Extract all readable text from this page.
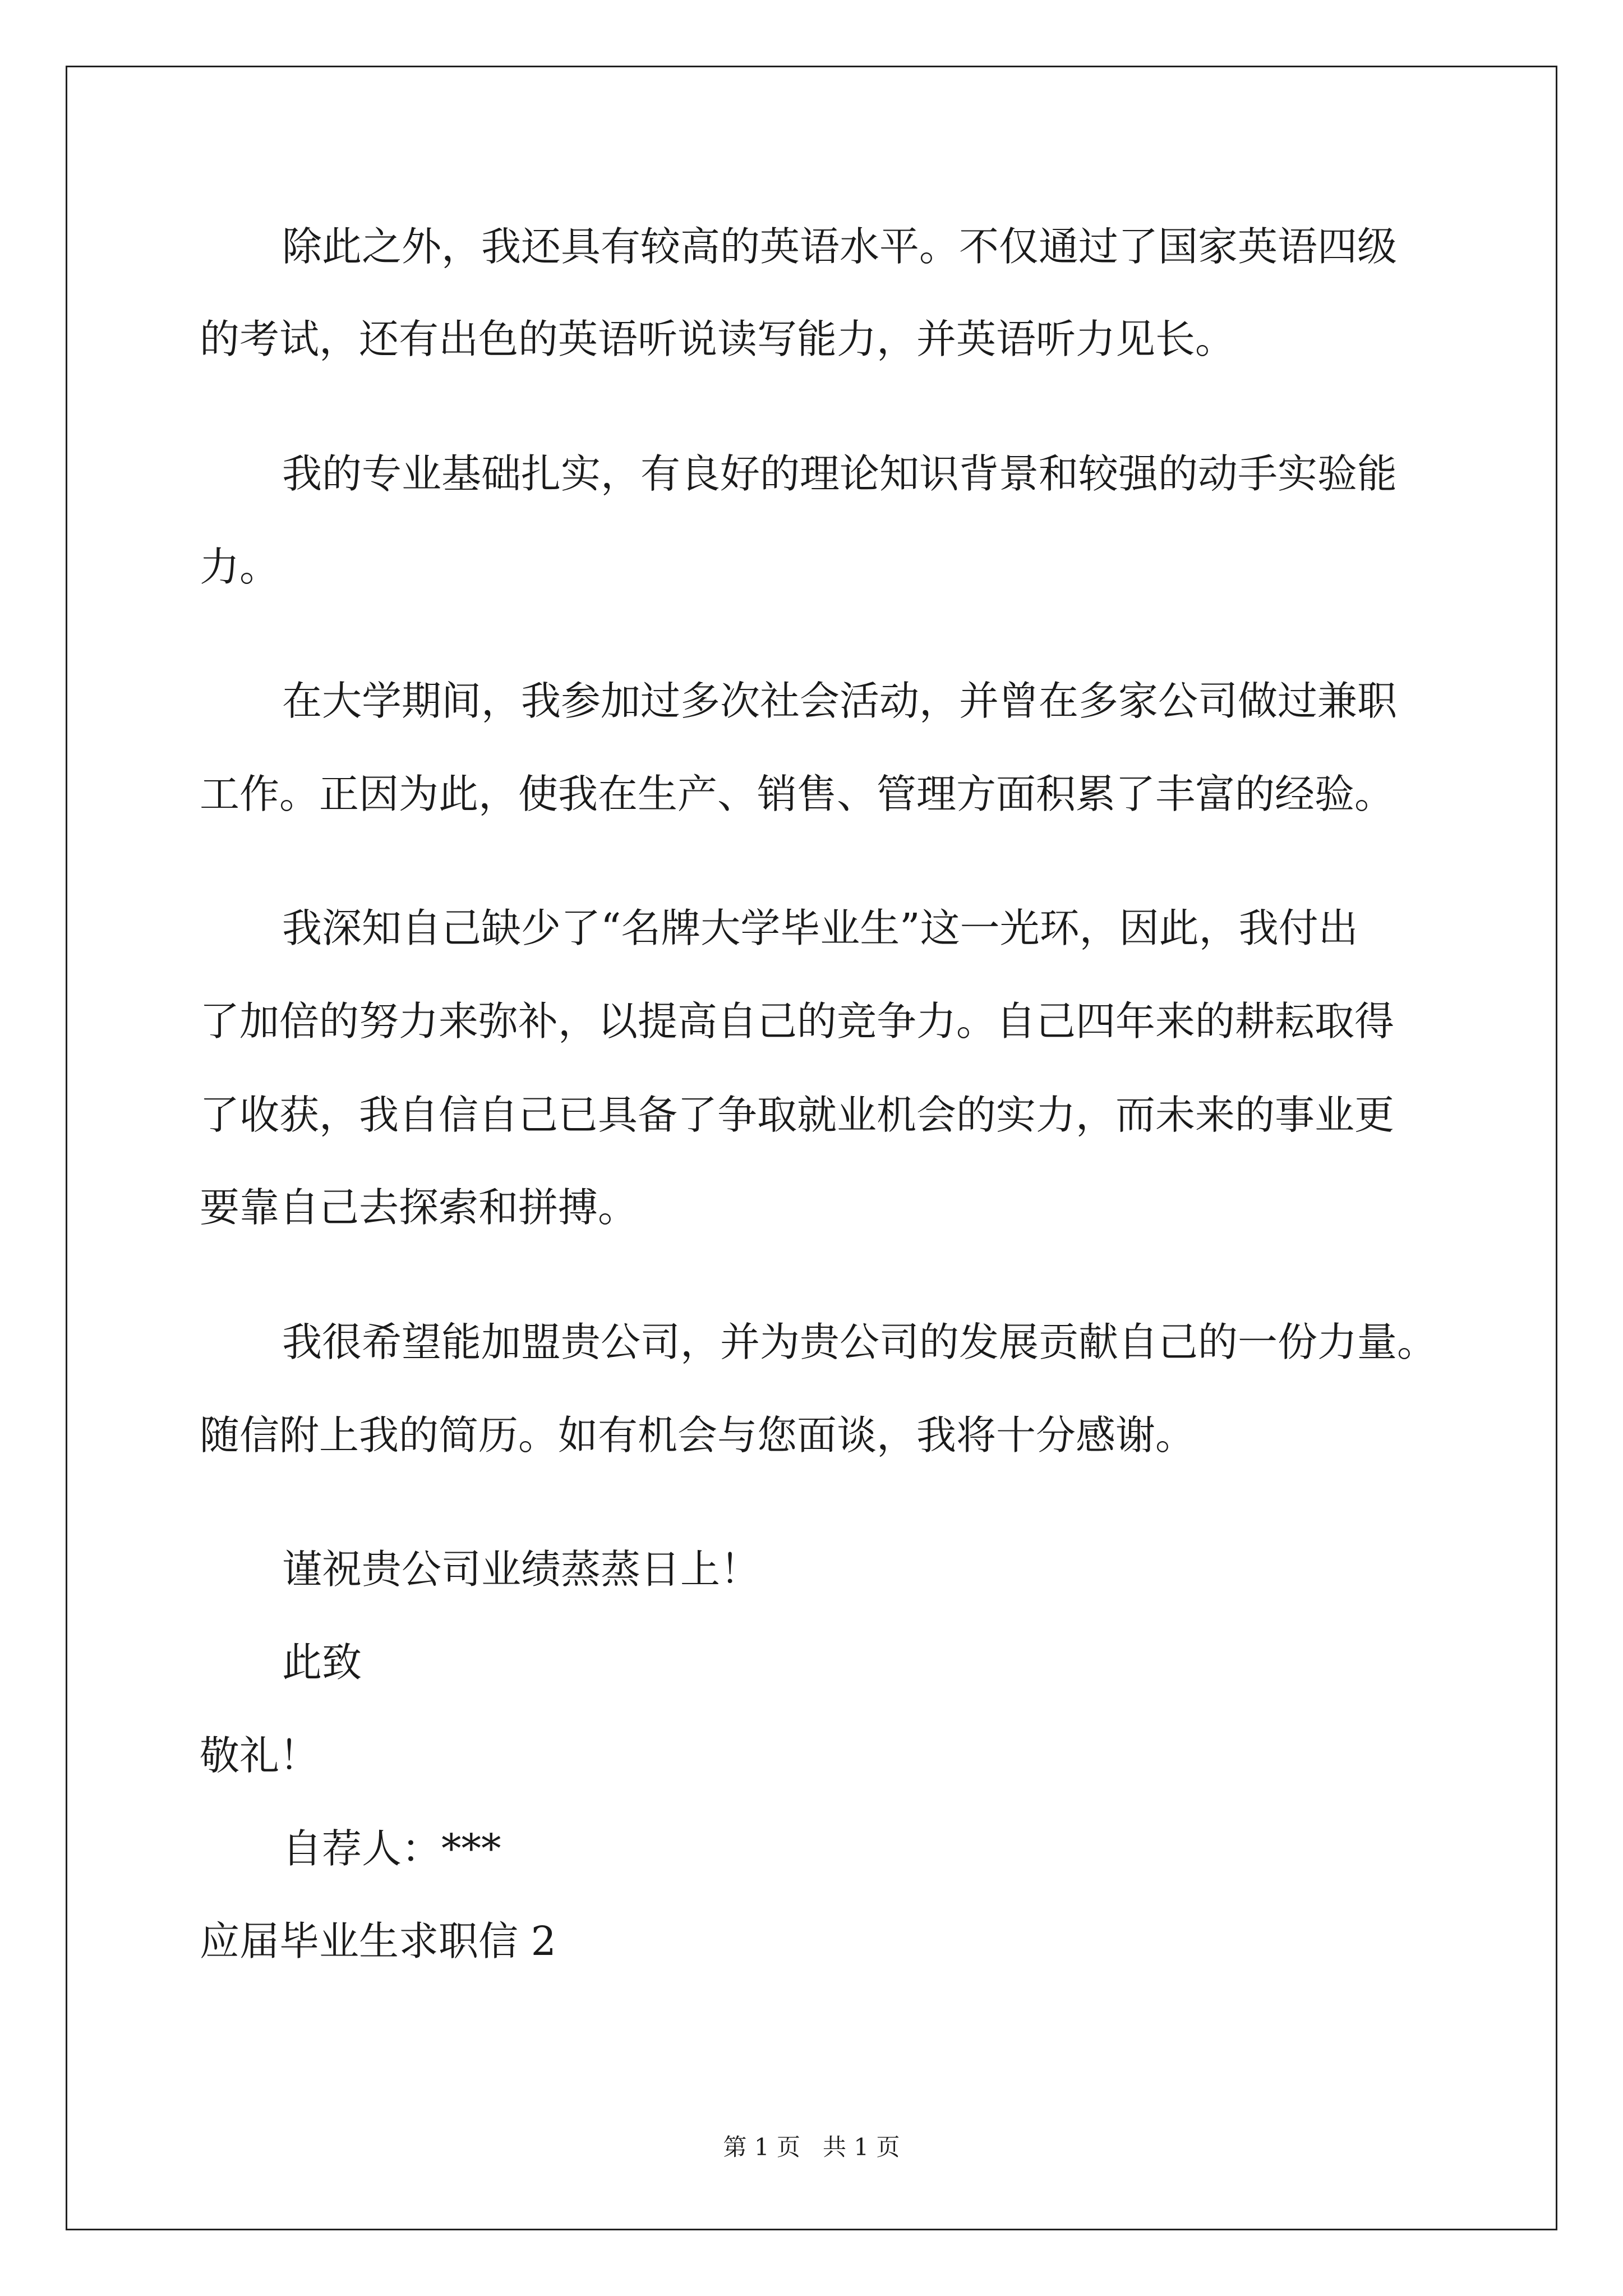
除此之外，我还具有较高的英语水平。不仅通过了国家英语四级
的考试，还有出色的英语听说读写能力，并英语听力见长。
我的专业基础扎实，有良好的理论知识背景和较强的动手实验能
力。
在大学期间，我参加过多次社会活动，并曾在多家公司做过兼职
工作。正因为此，使我在生产、销售、管理方面积累了丰富的经验。
我深知自己缺少了“名牌大学毕业生”这一光环，因此，我付出
了加倍的努力来弥补，以提高自己的竞争力。自己四年来的耕耘取得
了收获，我自信自己已具备了争取就业机会的实力，而未来的事业更
要靠自己去探索和拼搏。
我很希望能加盟贵公司，并为贵公司的发展贡献自己的一份力量。
随信附上我的简历。如有机会与您面谈，我将十分感谢。
谨祝贵公司业绩蒸蒸日上！
此致
敬礼！
自荐人：***
应届毕业生求职信 2
第 1 页   共 1 页
